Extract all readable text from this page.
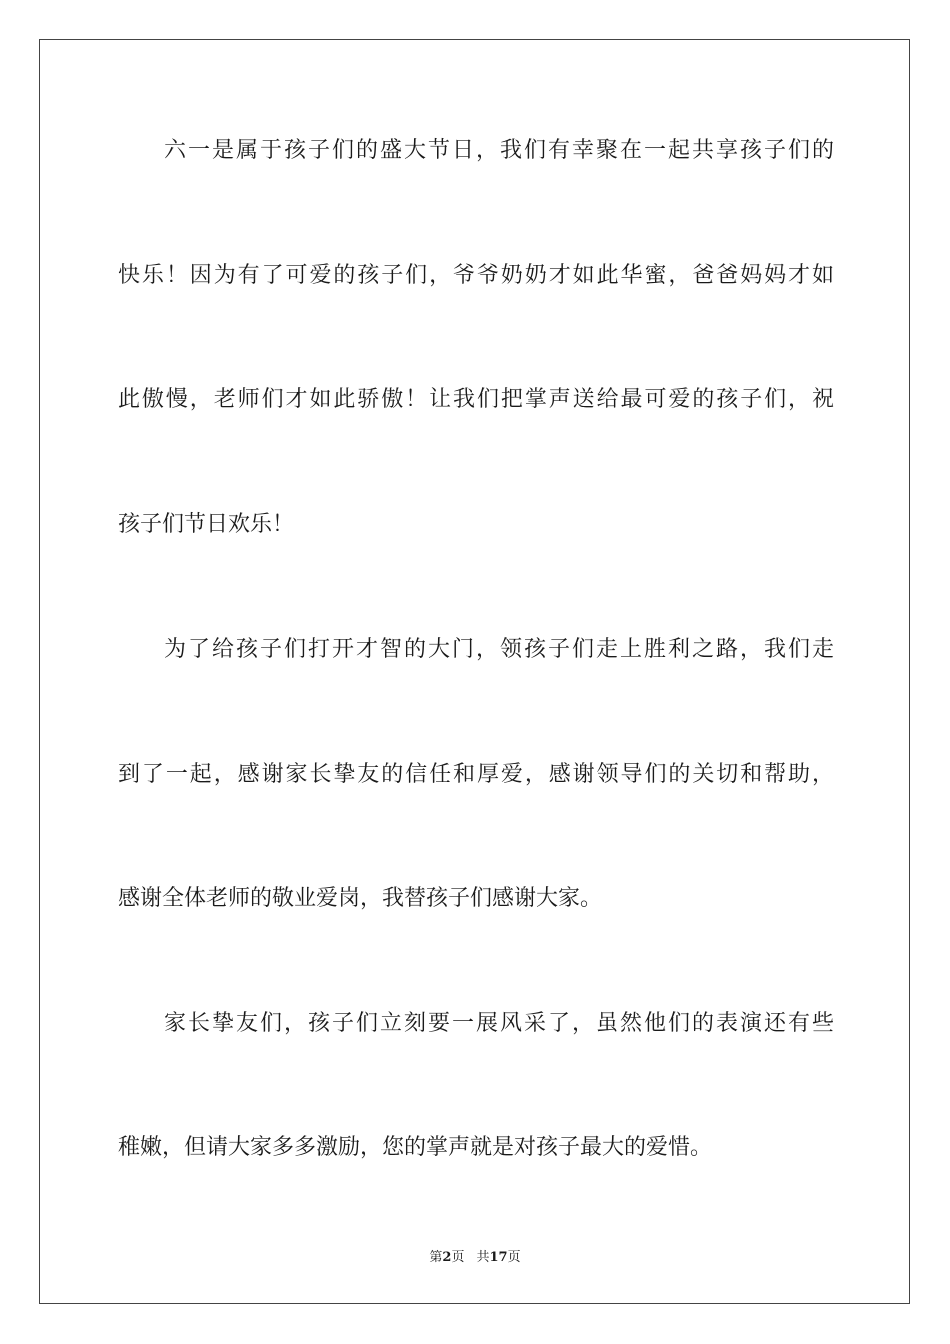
六一是属于孩子们的盛大节日，我们有幸聚在一起共享孩子们的
快乐！因为有了可爱的孩子们，爷爷奶奶才如此华蜜，爸爸妈妈才如
此傲慢，老师们才如此骄傲！让我们把掌声送给最可爱的孩子们，祝
孩子们节日欢乐！
为了给孩子们打开才智的大门，领孩子们走上胜利之路，我们走
到了一起，感谢家长挚友的信任和厚爱，感谢领导们的关切和帮助，
感谢全体老师的敬业爱岗，我替孩子们感谢大家。
家长挚友们，孩子们立刻要一展风采了，虽然他们的表演还有些
稚嫩，但请大家多多激励，您的掌声就是对孩子最大的爱惜。
第2页 共17页
